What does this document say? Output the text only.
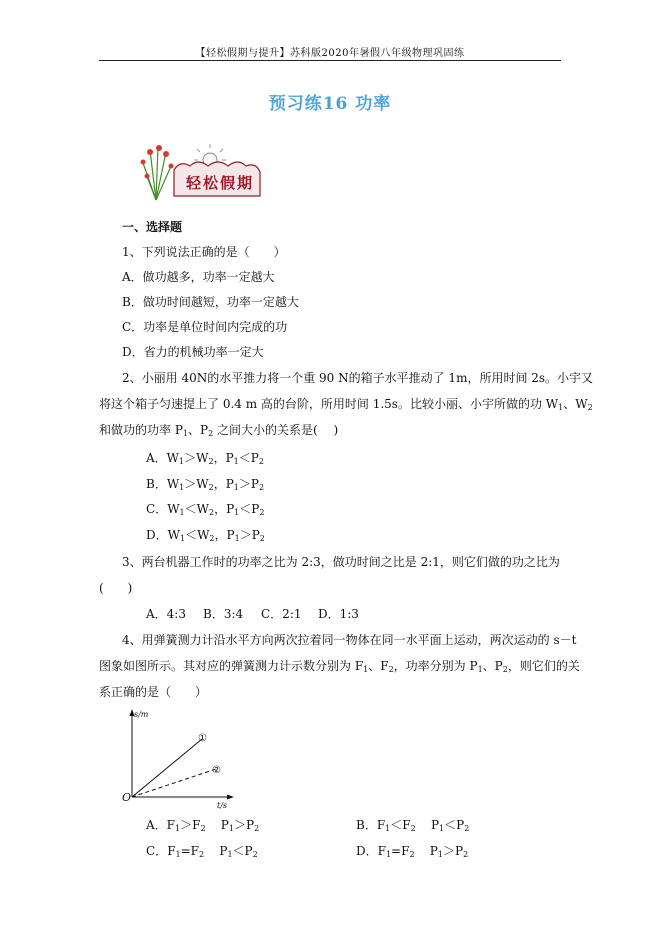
【轻松假期与提升】苏科版2020年暑假八年级物理巩固练
预习练16 功率
轻松假期
一、选择题
1、下列说法正确的是（　　）
A．做功越多，功率一定越大
B．做功时间越短，功率一定越大
C．功率是单位时间内完成的功
D．省力的机械功率一定大
2、小丽用 40N的水平推力将一个重 90 N的箱子水平推动了 1m，所用时间 2s。小宇又
将这个箱子匀速提上了 0.4 m 高的台阶，所用时间 1.5s。比较小丽、小宇所做的功 $W_1$、$W_2$
和做功的功率 $P_1$、$P_2$ 之间大小的关系是(　 )
A．$W_1>W_2$，$P_1<P_2$
B．$W_1>W_2$，$P_1>P_2$
C．$W_1<W_2$，$P_1<P_2$
D．$W_1<W_2$，$P_1>P_2$
3、两台机器工作时的功率之比为 2:3，做功时间之比是 2:1，则它们做的功之比为
(　　)
A．4:3 B．3:4 C．2:1 D．1:3
4、用弹簧测力计沿水平方向两次拉着同一物体在同一水平面上运动，两次运动的 s－t
图象如图所示。其对应的弹簧测力计示数分别为 $F_1$、$F_2$，功率分别为 $P_1$、$P_2$，则它们的关
系正确的是（　　）
s/m
t/s
O
①
②
A．$F_1>F_2$ $P_1>P_2$	B．$F_1<F_2$ $P_1<P_2$
C．$F_1=F_2$ $P_1<P_2$	D．$F_1=F_2$ $P_1>P_2$
